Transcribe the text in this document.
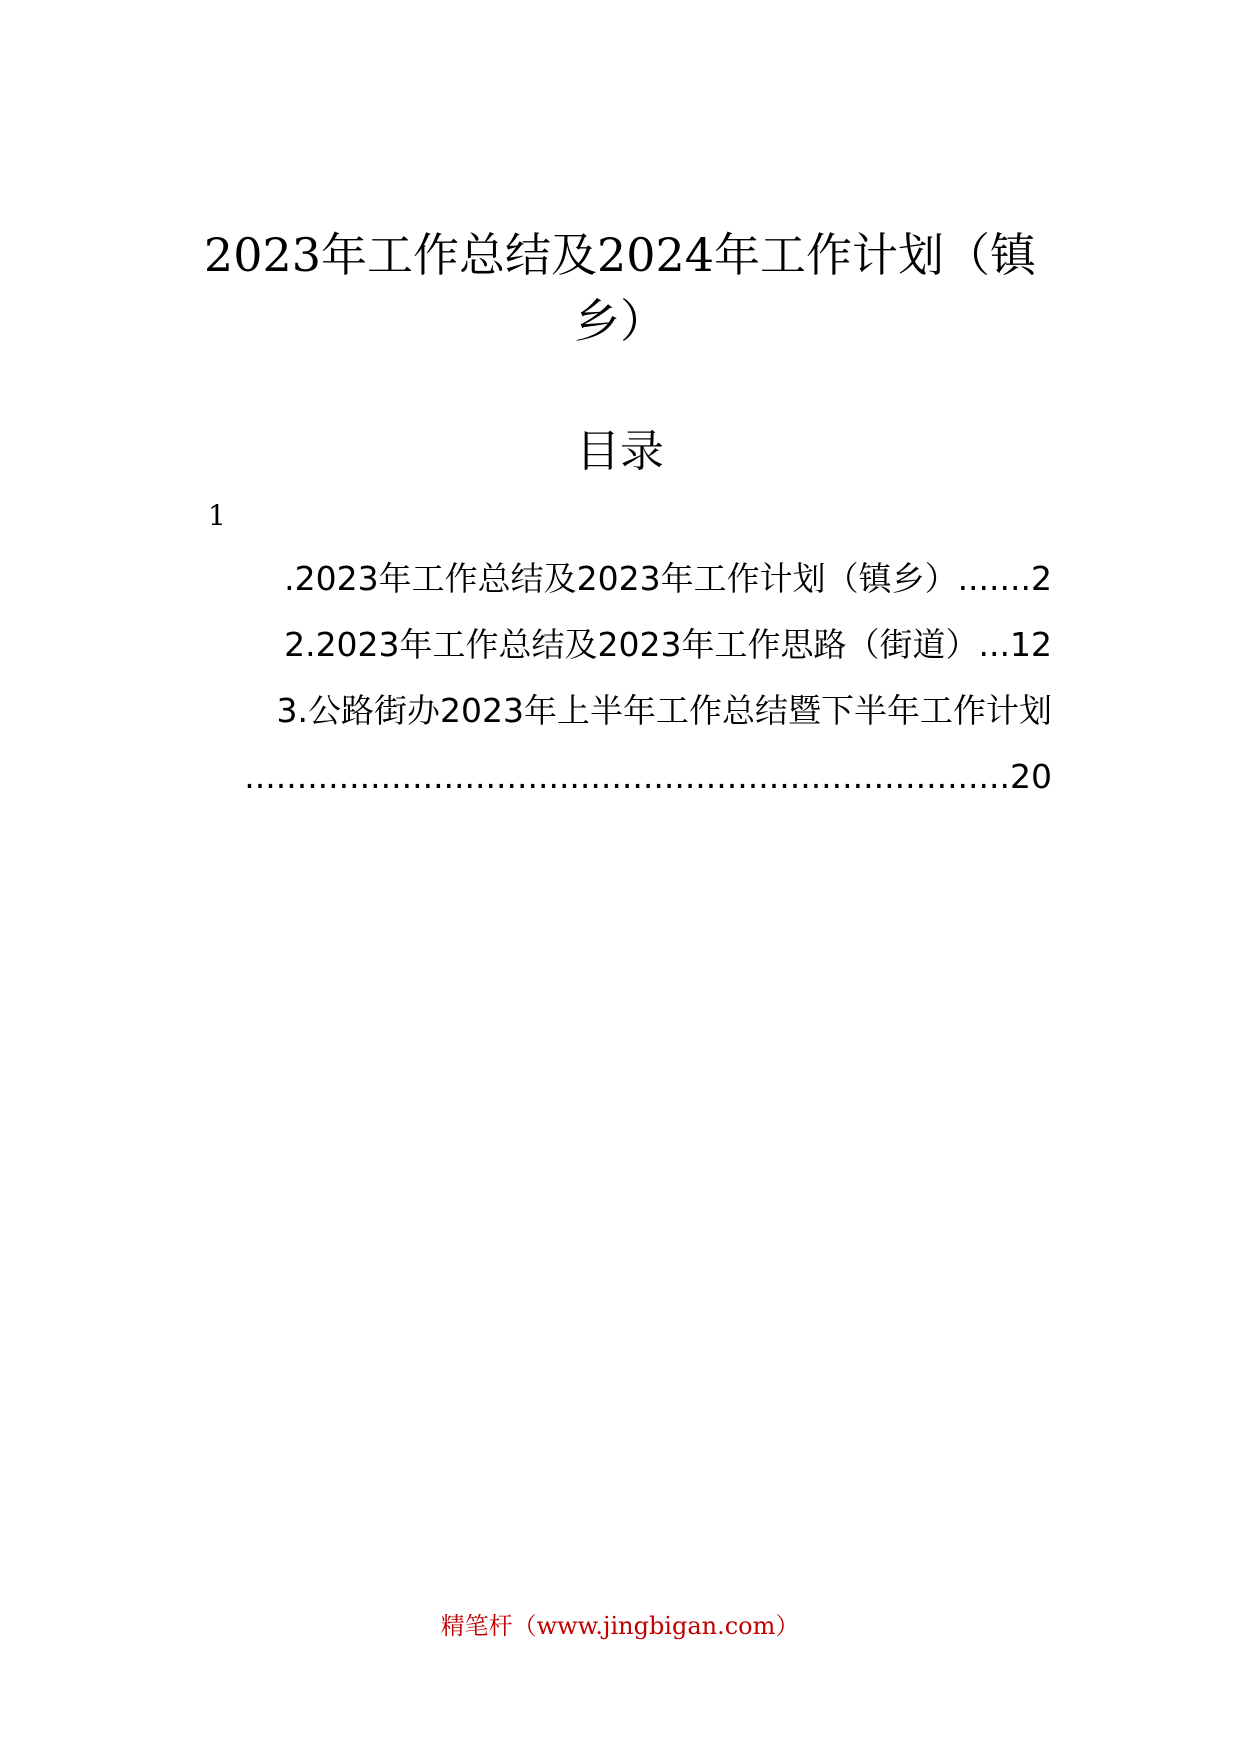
2023年工作总结及2024年工作计划（镇乡）
目录
1
.2023年工作总结及2023年工作计划（镇乡）.......2
2.2023年工作总结及2023年工作思路（街道）...12
3.公路街办2023年上半年工作总结暨下半年工作计划
.........................................................................20
精笔杆（www.jingbigan.com）
